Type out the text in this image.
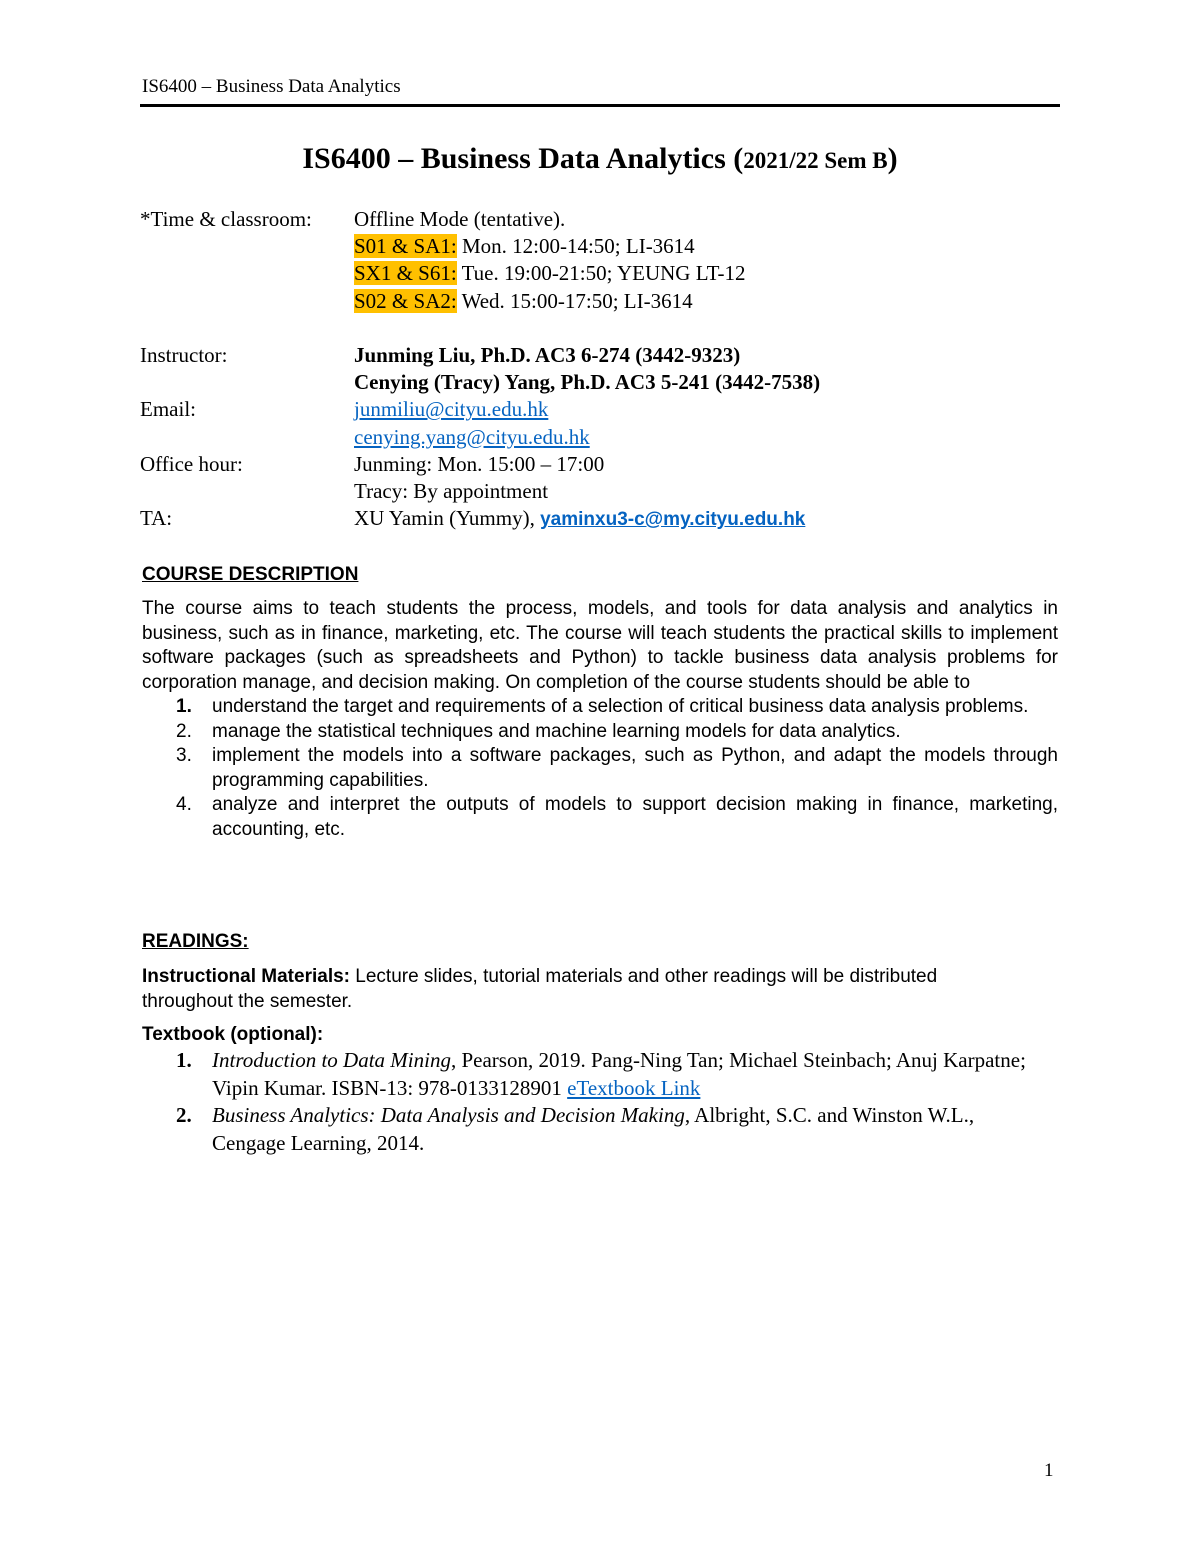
IS6400 – Business Data Analytics
IS6400 – Business Data Analytics (2021/22 Sem B)
*Time & classroom: Offline Mode (tentative).
S01 & SA1: Mon. 12:00-14:50; LI-3614
SX1 & S61: Tue. 19:00-21:50; YEUNG LT-12
S02 & SA2: Wed. 15:00-17:50; LI-3614
Instructor:	Junming Liu, Ph.D. AC3 6-274 (3442-9323)
Cenying (Tracy) Yang, Ph.D. AC3 5-241 (3442-7538)
Email:	junmiliu@cityu.edu.hk
cenying.yang@cityu.edu.hk
Office hour:	Junming: Mon. 15:00 – 17:00
Tracy: By appointment
TA:	XU Yamin (Yummy), yaminxu3-c@my.cityu.edu.hk
COURSE DESCRIPTION
The course aims to teach students the process, models, and tools for data analysis and analytics in business, such as in finance, marketing, etc. The course will teach students the practical skills to implement software packages (such as spreadsheets and Python) to tackle business data analysis problems for corporation manage, and decision making. On completion of the course students should be able to
1. understand the target and requirements of a selection of critical business data analysis problems.
2. manage the statistical techniques and machine learning models for data analytics.
3. implement the models into a software packages, such as Python, and adapt the models through programming capabilities.
4. analyze and interpret the outputs of models to support decision making in finance, marketing, accounting, etc.
READINGS:

Instructional Materials: Lecture slides, tutorial materials and other readings will be distributed throughout the semester.

Textbook (optional):

1. Introduction to Data Mining, Pearson, 2019. Pang-Ning Tan; Michael Steinbach; Anuj Karpatne; Vipin Kumar. ISBN-13: 978-0133128901 eTextbook Link
2. Business Analytics: Data Analysis and Decision Making, Albright, S.C. and Winston W.L., Cengage Learning, 2014.
1
